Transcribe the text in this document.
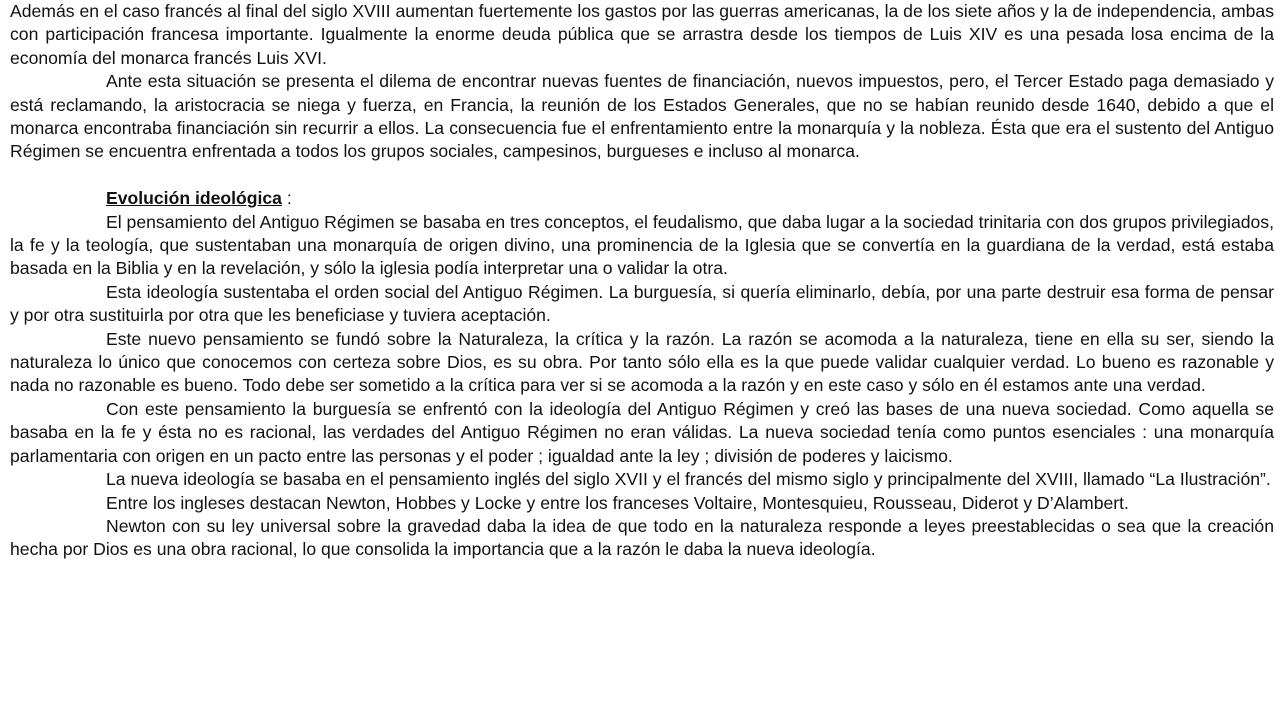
Además en el caso francés al final del siglo XVIII aumentan fuertemente los gastos por las guerras americanas, la de los siete años y la de independencia, ambas con participación francesa importante. Igualmente la enorme deuda pública que se arrastra desde los tiempos de Luis XIV es una pesada losa encima de la economía del monarca francés Luis XVI.

Ante esta situación se presenta el dilema de encontrar nuevas fuentes de financiación, nuevos impuestos, pero, el Tercer Estado paga demasiado y está reclamando, la aristocracia se niega y fuerza, en Francia, la reunión de los Estados Generales, que no se habían reunido desde 1640, debido a que el monarca encontraba financiación sin recurrir a ellos. La consecuencia fue el enfrentamiento entre la monarquía y la nobleza. Ésta que era el sustento del Antiguo Régimen se encuentra enfrentada a todos los grupos sociales, campesinos, burgueses e incluso al monarca.

Evolución ideológica :

El pensamiento del Antiguo Régimen se basaba en tres conceptos, el feudalismo, que daba lugar a la sociedad trinitaria con dos grupos privilegiados, la fe y la teología, que sustentaban una monarquía de origen divino, una prominencia de la Iglesia que se convertía en la guardiana de la verdad, está estaba basada en la Biblia y en la revelación, y sólo la iglesia podía interpretar una o validar la otra.

Esta ideología sustentaba el orden social del Antiguo Régimen. La burguesía, si quería eliminarlo, debía, por una parte destruir esa forma de pensar y por otra sustituirla por otra que les beneficiase y tuviera aceptación.

Este nuevo pensamiento se fundó sobre la Naturaleza, la crítica y la razón. La razón se acomoda a la naturaleza, tiene en ella su ser, siendo la naturaleza lo único que conocemos con certeza sobre Dios, es su obra. Por tanto sólo ella es la que puede validar cualquier verdad. Lo bueno es razonable y nada no razonable es bueno. Todo debe ser sometido a la crítica para ver si se acomoda a la razón y en este caso y sólo en él estamos ante una verdad.

Con este pensamiento la burguesía se enfrentó con la ideología del Antiguo Régimen y creó las bases de una nueva sociedad. Como aquella se basaba en la fe y ésta no es racional, las verdades del Antiguo Régimen no eran válidas. La nueva sociedad tenía como puntos esenciales : una monarquía parlamentaria con origen en un pacto entre las personas y el poder ; igualdad ante la ley ; división de poderes y laicismo.

La nueva ideología se basaba en el pensamiento inglés del siglo XVII y el francés del mismo siglo y principalmente del XVIII, llamado “La Ilustración”.

Entre los ingleses destacan Newton, Hobbes y Locke y entre los franceses Voltaire, Montesquieu, Rousseau, Diderot y D’Alambert.

Newton con su ley universal sobre la gravedad daba la idea de que todo en la naturaleza responde a leyes preestablecidas o sea que la creación hecha por Dios es una obra racional, lo que consolida la importancia que a la razón le daba la nueva ideología.
